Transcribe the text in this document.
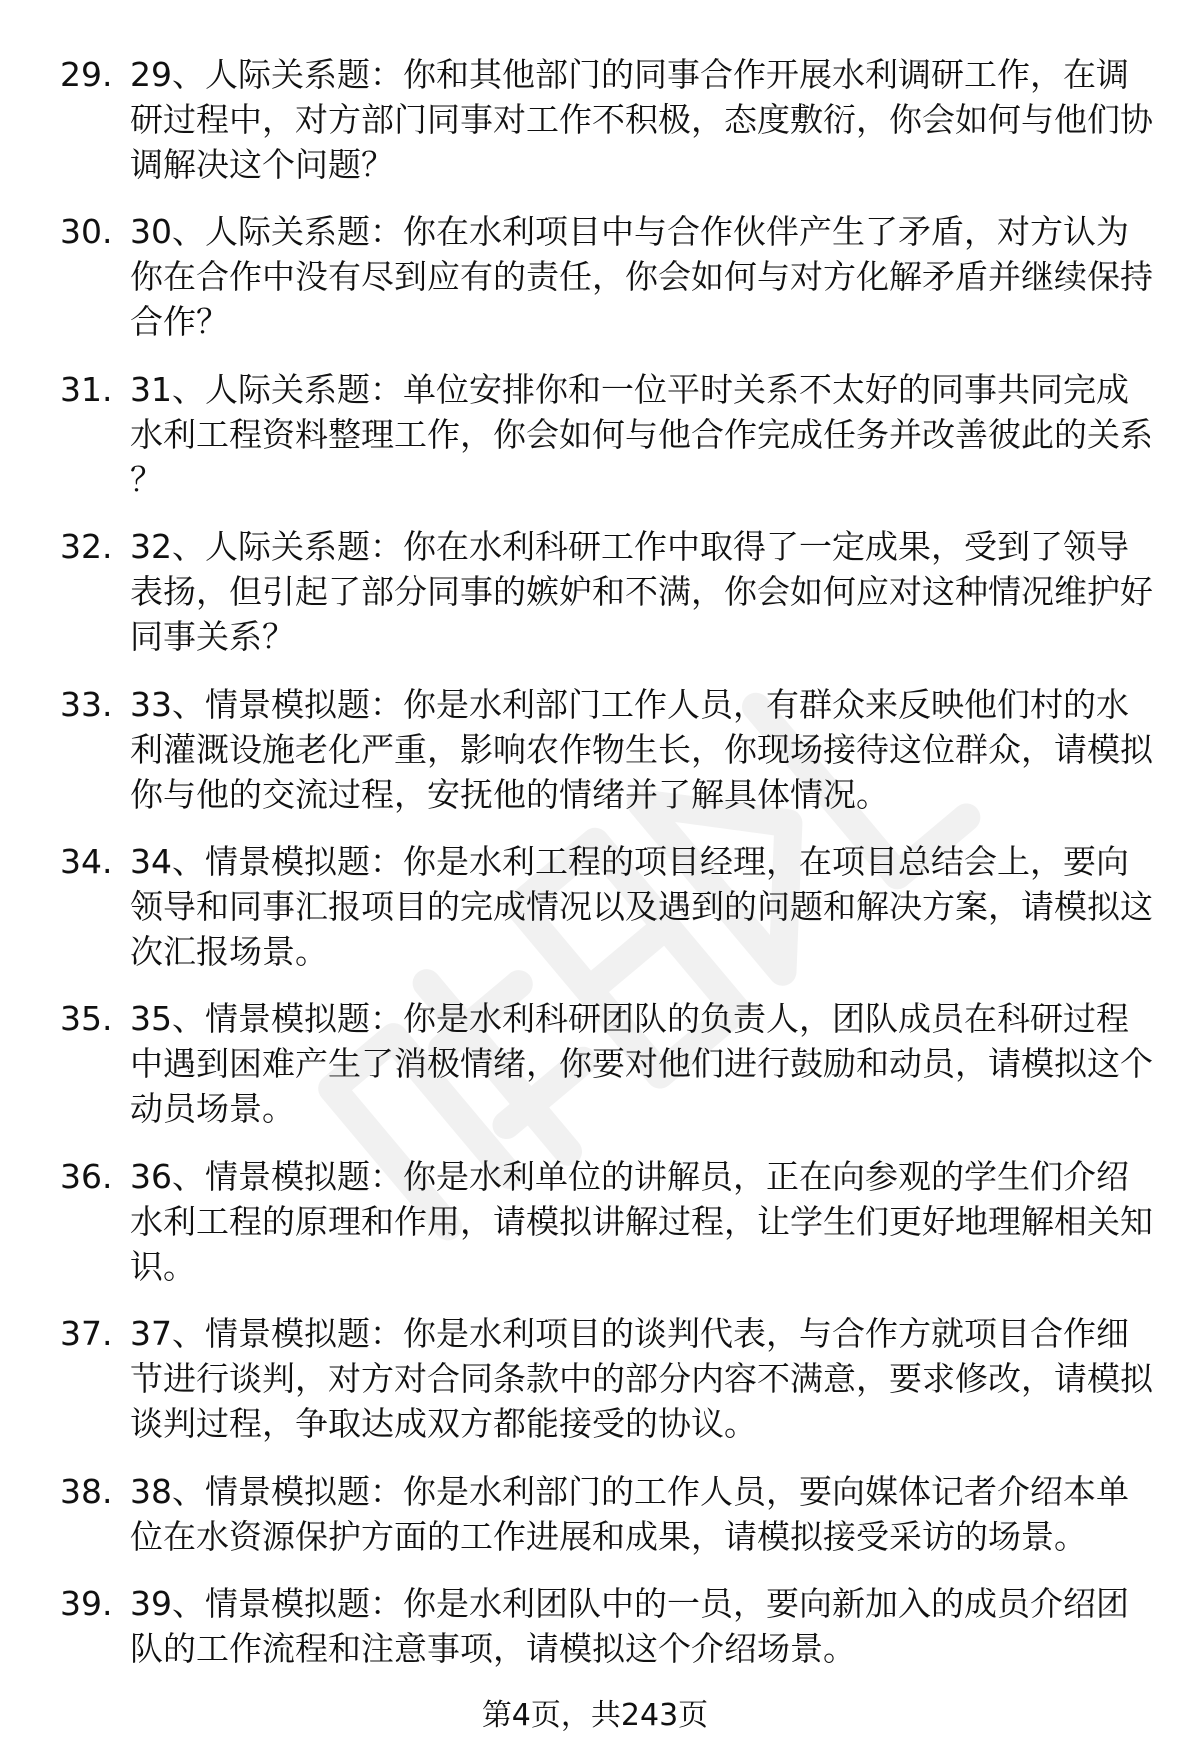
29. 29、人际关系题：你和其他部门的同事合作开展水利调研工作，在调研过程中，对方部门同事对工作不积极，态度敷衍，你会如何与他们协调解决这个问题？
30. 30、人际关系题：你在水利项目中与合作伙伴产生了矛盾，对方认为你在合作中没有尽到应有的责任，你会如何与对方化解矛盾并继续保持合作？
31. 31、人际关系题：单位安排你和一位平时关系不太好的同事共同完成水利工程资料整理工作，你会如何与他合作完成任务并改善彼此的关系？
32. 32、人际关系题：你在水利科研工作中取得了一定成果，受到了领导表扬，但引起了部分同事的嫉妒和不满，你会如何应对这种情况维护好同事关系？
33. 33、情景模拟题：你是水利部门工作人员，有群众来反映他们村的水利灌溉设施老化严重，影响农作物生长，你现场接待这位群众，请模拟你与他的交流过程，安抚他的情绪并了解具体情况。
34. 34、情景模拟题：你是水利工程的项目经理，在项目总结会上，要向领导和同事汇报项目的完成情况以及遇到的问题和解决方案，请模拟这次汇报场景。
35. 35、情景模拟题：你是水利科研团队的负责人，团队成员在科研过程中遇到困难产生了消极情绪，你要对他们进行鼓励和动员，请模拟这个动员场景。
36. 36、情景模拟题：你是水利单位的讲解员，正在向参观的学生们介绍水利工程的原理和作用，请模拟讲解过程，让学生们更好地理解相关知识。
37. 37、情景模拟题：你是水利项目的谈判代表，与合作方就项目合作细节进行谈判，对方对合同条款中的部分内容不满意，要求修改，请模拟谈判过程，争取达成双方都能接受的协议。
38. 38、情景模拟题：你是水利部门的工作人员，要向媒体记者介绍本单位在水资源保护方面的工作进展和成果，请模拟接受采访的场景。
39. 39、情景模拟题：你是水利团队中的一员，要向新加入的成员介绍团队的工作流程和注意事项，请模拟这个介绍场景。
第4页，共243页
